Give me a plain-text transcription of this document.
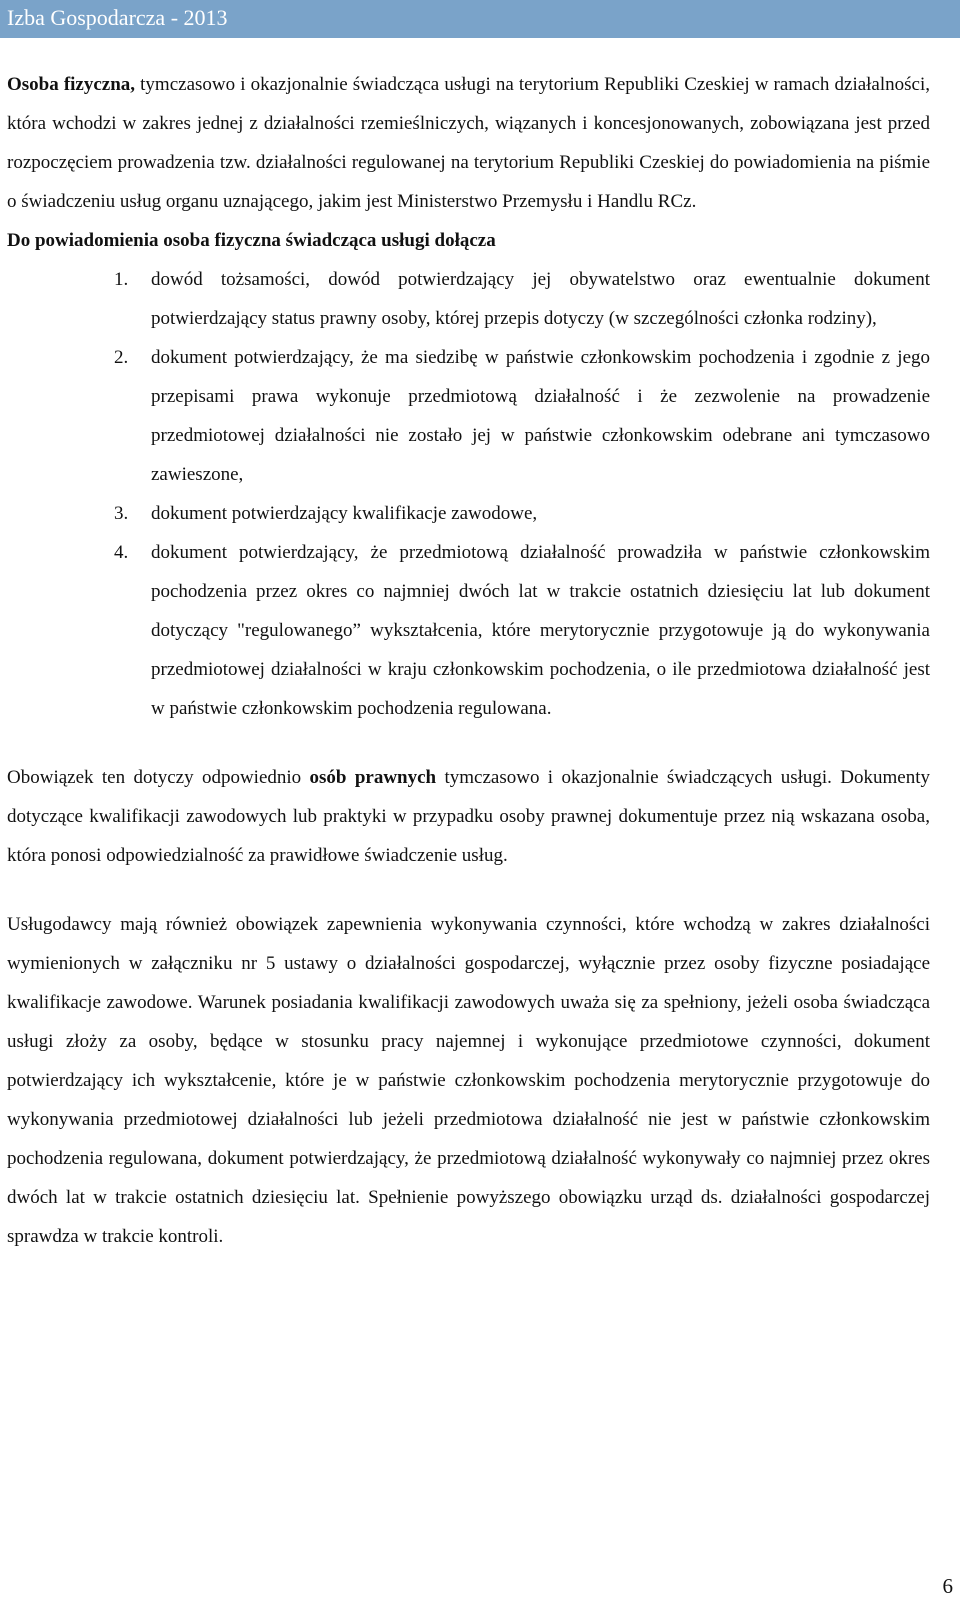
Izba Gospodarcza - 2013

Osoba fizyczna, tymczasowo i okazjonalnie świadcząca usługi na terytorium Republiki Czeskiej w ramach działalności, która wchodzi w zakres jednej z działalności rzemieślniczych, wiązanych i koncesjonowanych, zobowiązana jest przed rozpoczęciem prowadzenia tzw. działalności regulowanej na terytorium Republiki Czeskiej do powiadomienia na piśmie o świadczeniu usług organu uznającego, jakim jest Ministerstwo Przemysłu i Handlu RCz.

Do powiadomienia osoba fizyczna świadcząca usługi dołącza

1. dowód tożsamości, dowód potwierdzający jej obywatelstwo oraz ewentualnie dokument potwierdzający status prawny osoby, której przepis dotyczy (w szczególności członka rodziny),
2. dokument potwierdzający, że ma siedzibę w państwie członkowskim pochodzenia i zgodnie z jego przepisami prawa wykonuje przedmiotową działalność i że zezwolenie na prowadzenie przedmiotowej działalności nie zostało jej w państwie członkowskim odebrane ani tymczasowo zawieszone,
3. dokument potwierdzający kwalifikacje zawodowe,
4. dokument potwierdzający, że przedmiotową działalność prowadziła w państwie członkowskim pochodzenia przez okres co najmniej dwóch lat w trakcie ostatnich dziesięciu lat lub dokument dotyczący "regulowanego” wykształcenia, które merytorycznie przygotowuje ją do wykonywania przedmiotowej działalności w kraju członkowskim pochodzenia, o ile przedmiotowa działalność jest w państwie członkowskim pochodzenia regulowana.

Obowiązek ten dotyczy odpowiednio osób prawnych tymczasowo i okazjonalnie świadczących usługi. Dokumenty dotyczące kwalifikacji zawodowych lub praktyki w przypadku osoby prawnej dokumentuje przez nią wskazana osoba, która ponosi odpowiedzialność za prawidłowe świadczenie usług.

Usługodawcy mają również obowiązek zapewnienia wykonywania czynności, które wchodzą w zakres działalności wymienionych w załączniku nr 5 ustawy o działalności gospodarczej, wyłącznie przez osoby fizyczne posiadające kwalifikacje zawodowe. Warunek posiadania kwalifikacji zawodowych uważa się za spełniony, jeżeli osoba świadcząca usługi złoży za osoby, będące w stosunku pracy najemnej i wykonujące przedmiotowe czynności, dokument potwierdzający ich wykształcenie, które je w państwie członkowskim pochodzenia merytorycznie przygotowuje do wykonywania przedmiotowej działalności lub jeżeli przedmiotowa działalność nie jest w państwie członkowskim pochodzenia regulowana, dokument potwierdzający, że przedmiotową działalność wykonywały co najmniej przez okres dwóch lat w trakcie ostatnich dziesięciu lat. Spełnienie powyższego obowiązku urząd ds. działalności gospodarczej sprawdza w trakcie kontroli.

6
